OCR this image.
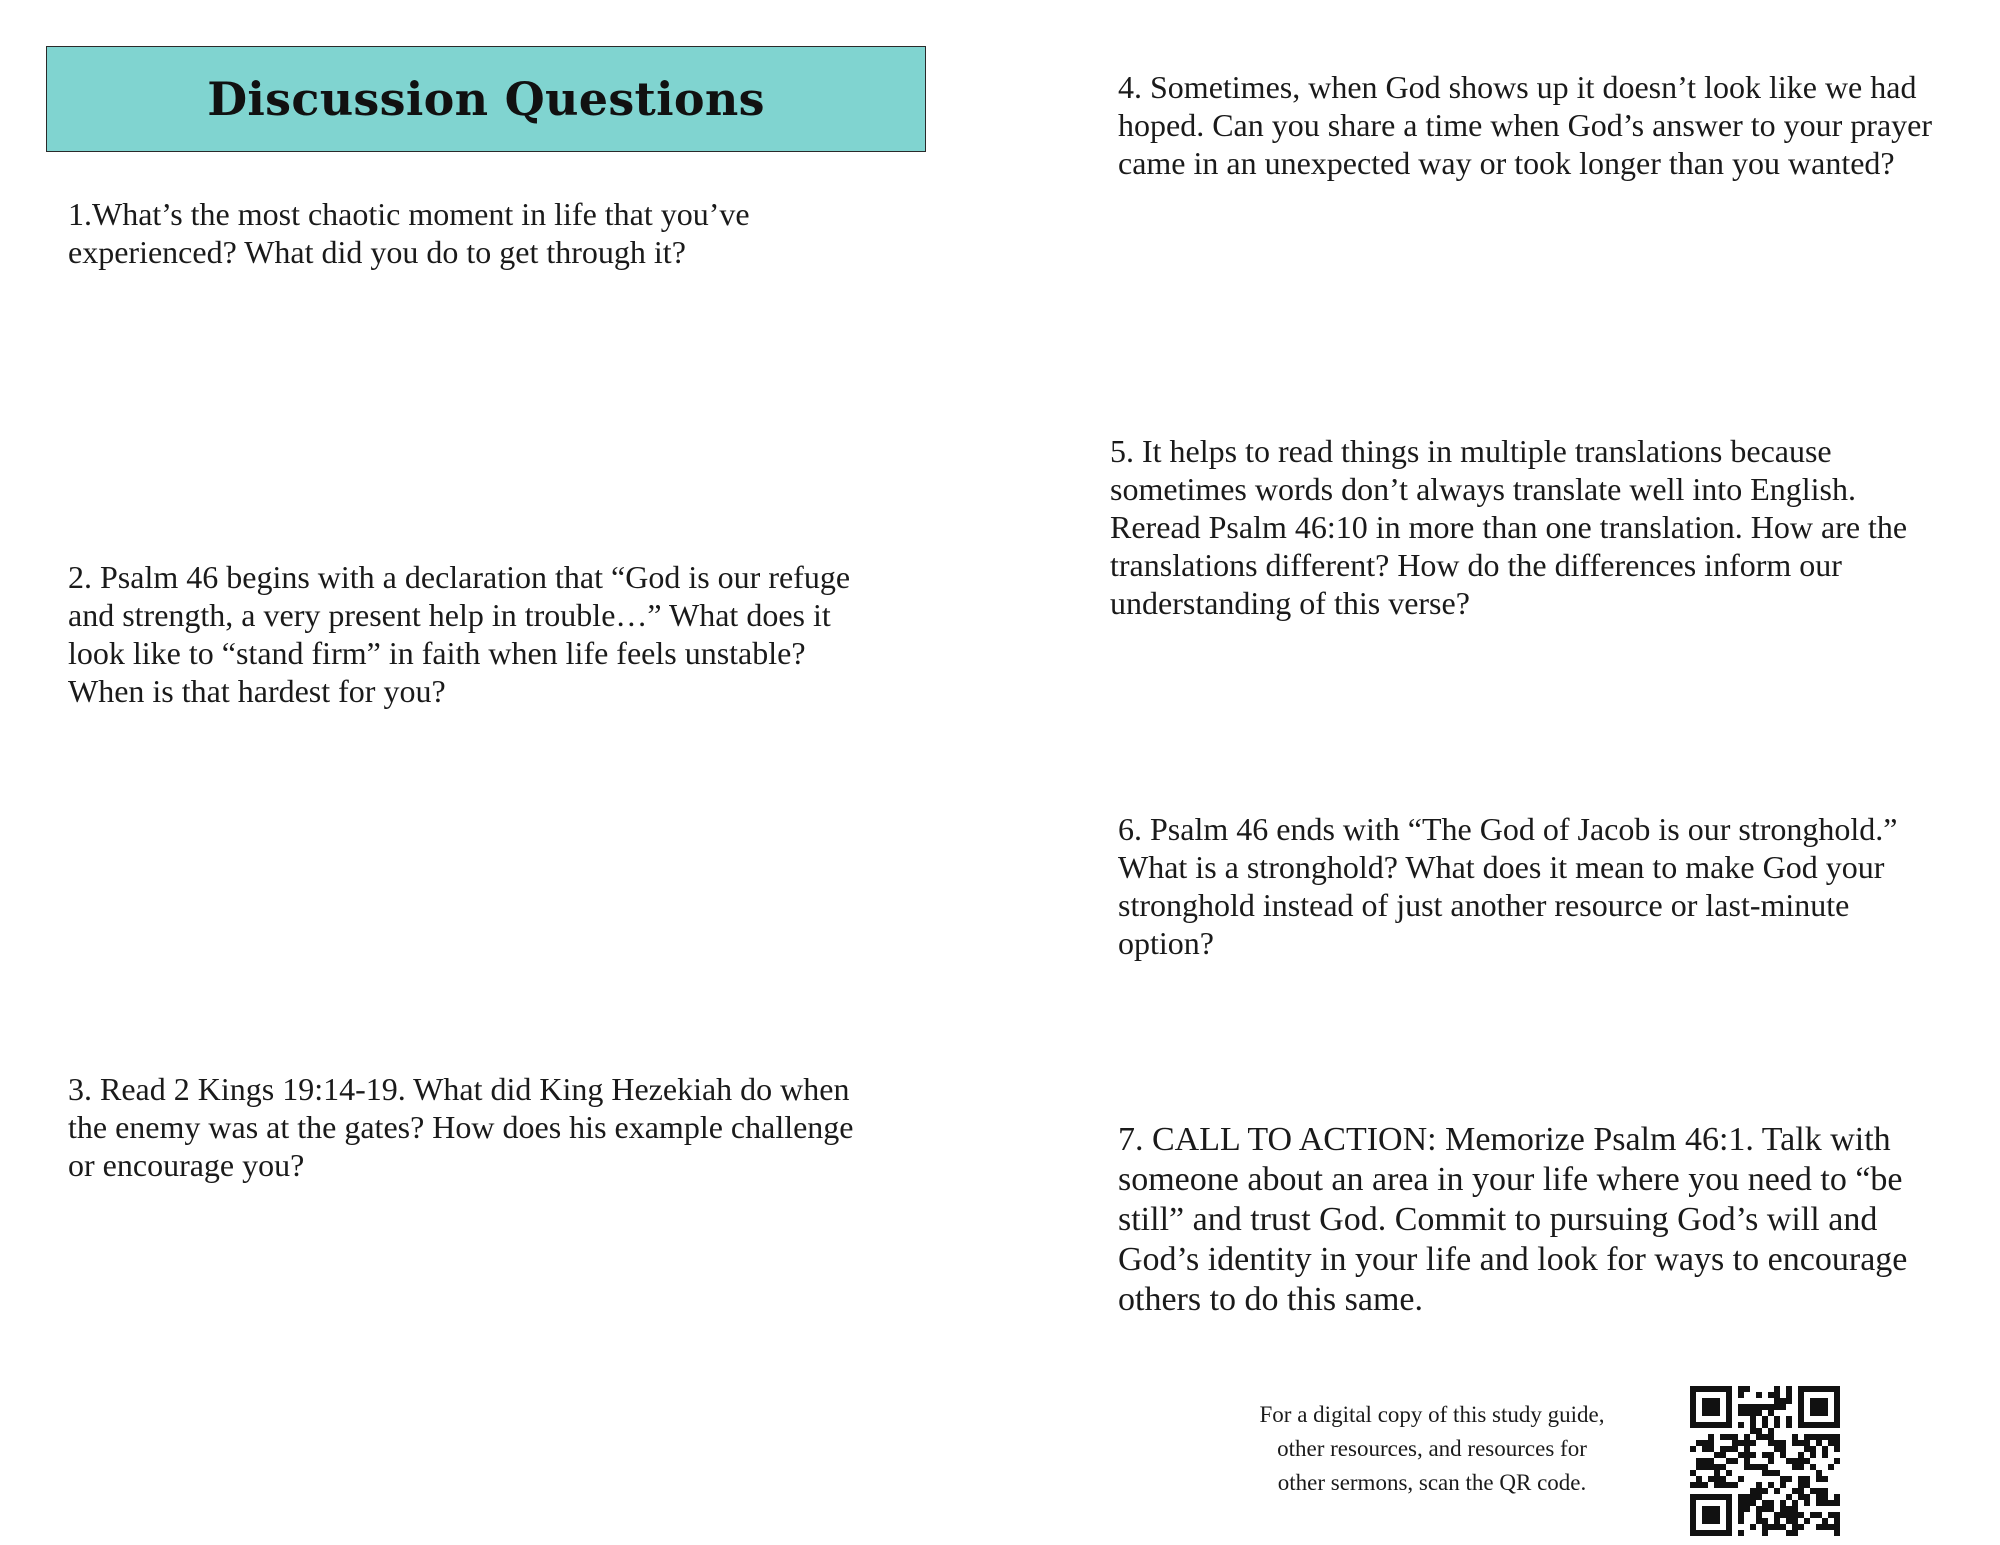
Discussion Questions

1.What’s the most chaotic moment in life that you’ve experienced? What did you do to get through it?

2. Psalm 46 begins with a declaration that “God is our refuge and strength, a very present help in trouble…” What does it look like to “stand firm” in faith when life feels unstable? When is that hardest for you?

3. Read 2 Kings 19:14-19. What did King Hezekiah do when the enemy was at the gates? How does his example challenge or encourage you?

4. Sometimes, when God shows up it doesn’t look like we had hoped. Can you share a time when God’s answer to your prayer came in an unexpected way or took longer than you wanted?

5. It helps to read things in multiple translations because sometimes words don’t always translate well into English. Reread Psalm 46:10 in more than one translation. How are the translations different? How do the differences inform our understanding of this verse?

6. Psalm 46 ends with “The God of Jacob is our stronghold.” What is a stronghold? What does it mean to make God your stronghold instead of just another resource or last-minute option?

7. CALL TO ACTION: Memorize Psalm 46:1. Talk with someone about an area in your life where you need to “be still” and trust God. Commit to pursuing God’s will and God’s identity in your life and look for ways to encourage others to do this same.

For a digital copy of this study guide,
other resources, and resources for
other sermons, scan the QR code.
